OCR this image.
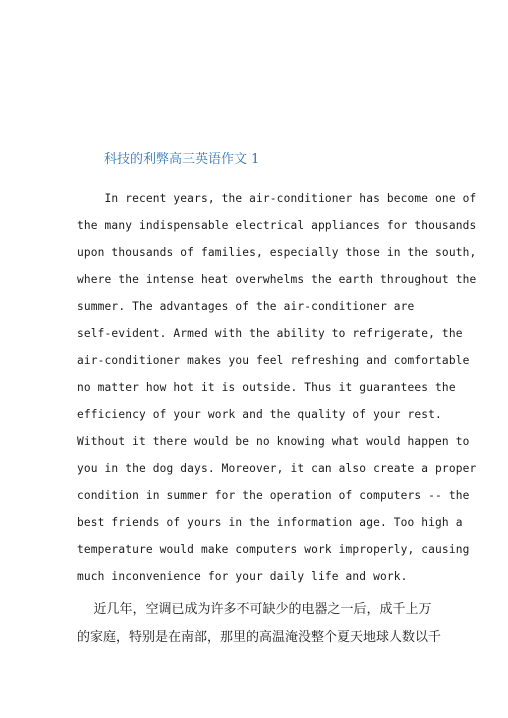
科技的利弊高三英语作文 1
In recent years, the air-conditioner has become one of
the many indispensable electrical appliances for thousands
upon thousands of families, especially those in the south,
where the intense heat overwhelms the earth throughout the
summer. The advantages of the air-conditioner are
self-evident. Armed with the ability to refrigerate, the
air-conditioner makes you feel refreshing and comfortable
no matter how hot it is outside. Thus it guarantees the
efficiency of your work and the quality of your rest.
Without it there would be no knowing what would happen to
you in the dog days. Moreover, it can also create a proper
condition in summer for the operation of computers -- the
best friends of yours in the information age. Too high a
temperature would make computers work improperly, causing
much inconvenience for your daily life and work.
近几年，空调已成为许多不可缺少的电器之一后，成千上万
的家庭，特别是在南部，那里的高温淹没整个夏天地球人数以千
